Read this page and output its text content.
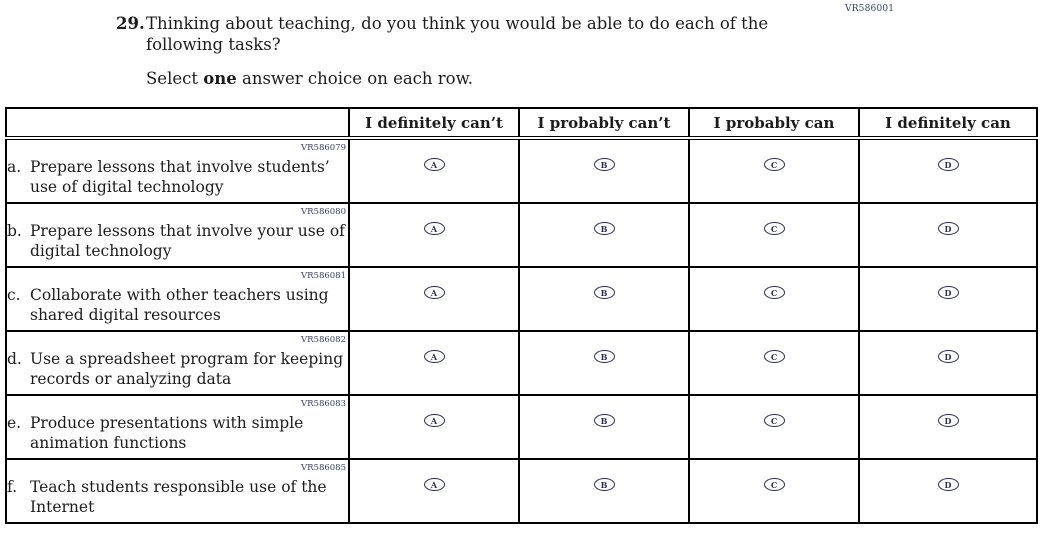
VR586001
29. Thinking about teaching, do you think you would be able to do each of the following tasks?
Select one answer choice on each row.
	I definitely can’t	I probably can’t	I probably can	I definitely can

VR586079
a. Prepare lessons that involve students’ use of digital technology	A	B	C	D

VR586080
b. Prepare lessons that involve your use of digital technology	A	B	C	D

VR586081
c. Collaborate with other teachers using shared digital resources	A	B	C	D

VR586082
d. Use a spreadsheet program for keeping records or analyzing data	A	B	C	D

VR586083
e. Produce presentations with simple animation functions	A	B	C	D

VR586085
f. Teach students responsible use of the Internet	A	B	C	D
